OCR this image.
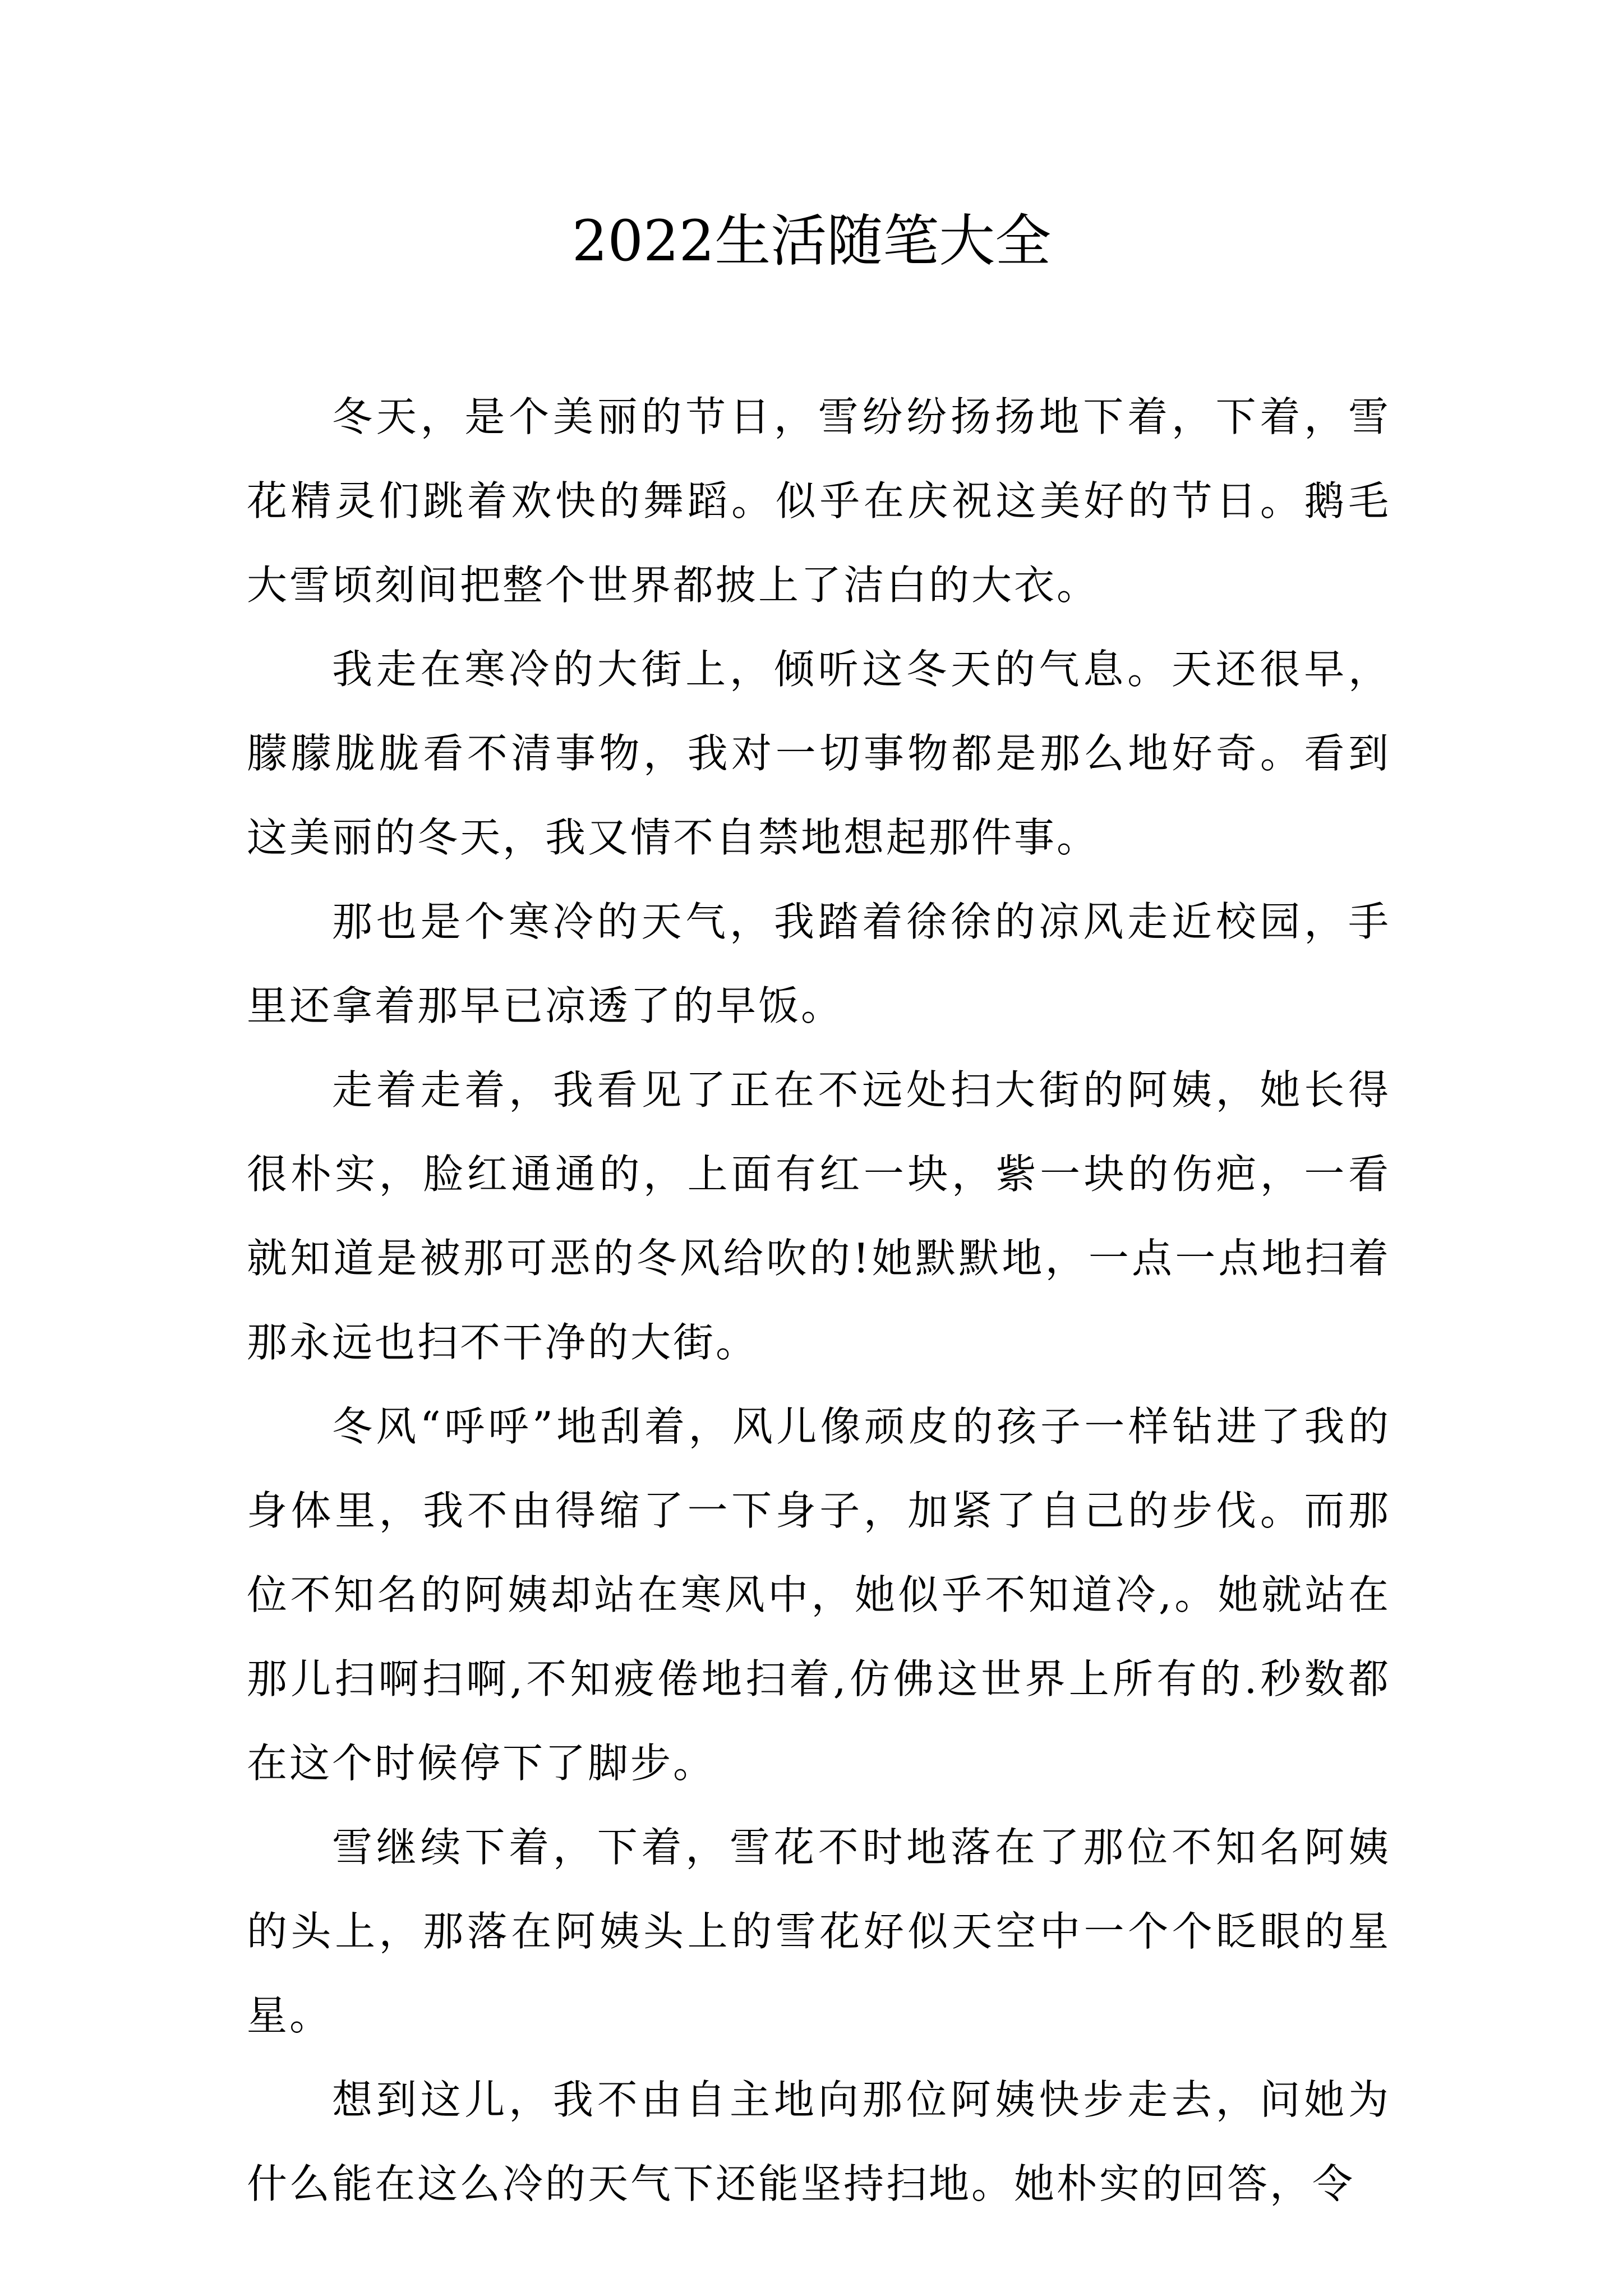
2022生活随笔大全

冬天，是个美丽的节日，雪纷纷扬扬地下着，下着，雪花精灵们跳着欢快的舞蹈。似乎在庆祝这美好的节日。鹅毛大雪顷刻间把整个世界都披上了洁白的大衣。

我走在寒冷的大街上，倾听这冬天的气息。天还很早，朦朦胧胧看不清事物，我对一切事物都是那么地好奇。看到这美丽的冬天，我又情不自禁地想起那件事。

那也是个寒冷的天气，我踏着徐徐的凉风走近校园，手里还拿着那早已凉透了的早饭。

走着走着，我看见了正在不远处扫大街的阿姨，她长得很朴实，脸红通通的，上面有红一块，紫一块的伤疤，一看就知道是被那可恶的冬风给吹的!她默默地，一点一点地扫着那永远也扫不干净的大街。

冬风“呼呼”地刮着，风儿像顽皮的孩子一样钻进了我的身体里，我不由得缩了一下身子，加紧了自己的步伐。而那位不知名的阿姨却站在寒风中，她似乎不知道冷,。她就站在那儿扫啊扫啊,不知疲倦地扫着,仿佛这世界上所有的.秒数都在这个时候停下了脚步。

雪继续下着，下着，雪花不时地落在了那位不知名阿姨的头上，那落在阿姨头上的雪花好似天空中一个个眨眼的星星。

想到这儿，我不由自主地向那位阿姨快步走去，问她为什么能在这么冷的天气下还能坚持扫地。她朴实的回答，令
